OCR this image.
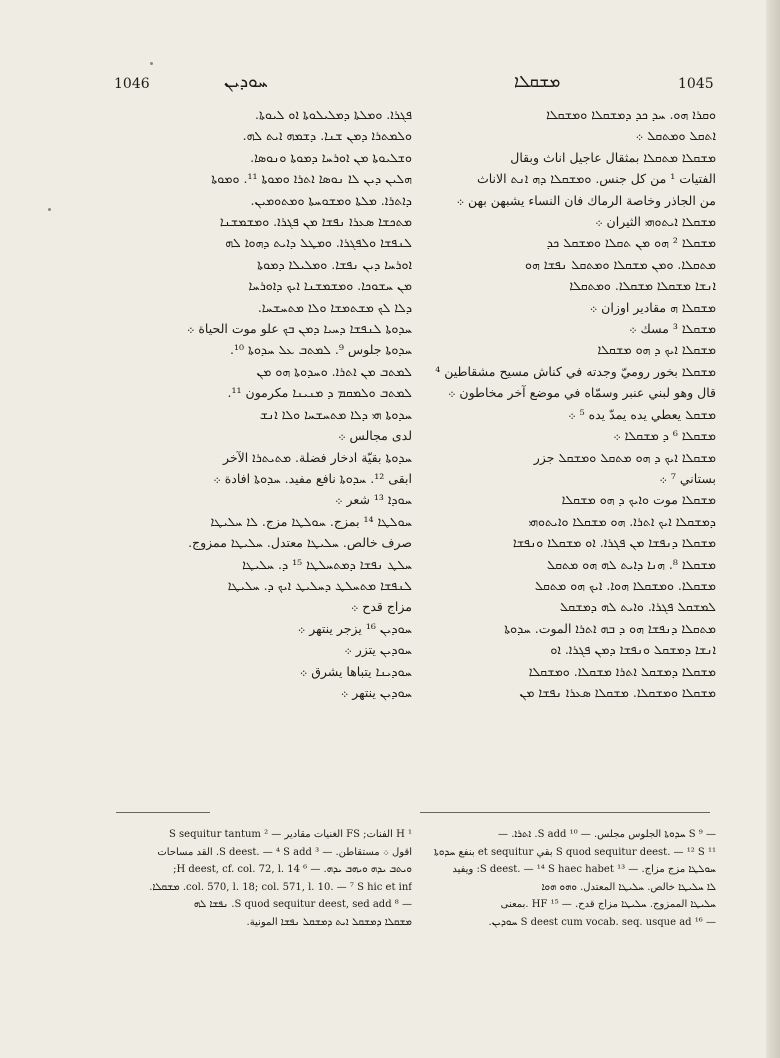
1046	ܚܘܕܝܢ	ܡܫܩܠܐ	1045
ܦܓܪܐ. ܘܡܠܬܐ ܕܡܠܝܠܘܬܐ ܐܘ ܠܝܘܬܐ.
ܘܠܡܬܪܐ ܕܡܢ ܫܢܐ. ܕܫܡܗ ܐܝܬ ܠܗ.
ܘܫܠܝܘܬܐ ܡܢ ܐܘܪܚܐ ܕܡܘܬܐ ܘܢܘܣܐ.
ܗܠܝܢ ܕܝܢ ܠܐ ܢܘܣܐ ܐܬܪܐ ܘܡܘܬܐ ¹¹. ܘܡܘܬܐ
ܕܐܬܪܐ. ܡܠܬܐ ܘܡܫܘܚܬܐ ܘܡܬܘܡܝܢ.
ܡܬܟܫܐ ܣܥܪܐ ܢܦܫܐ ܡܢ ܦܓܪܐ. ܘܡܫܡܫܢܐ
ܠܢܦܫܐ ܘܠܦܓܪܐ. ܘܡܛܠ ܕܐܝܬ ܕܗܘܐ ܠܗ
ܐܘܪܚܐ ܕܝܢ ܢܦܫܐ. ܘܡܠܝܠܐ ܕܡܘܬܐ
ܡܢ ܚܫܘܟܐ. ܘܡܫܡܫܢܐ ܐܝܟ ܕܐܘܪܚܐ
ܕܠܐ ܠܟ ܡܫܬܡܫܐ ܘܠܐ ܡܬܚܫܚܐ.
ܚܕܘܬܐ ܠܢܦܫܐ ܕܚܝܐ ܕܡܢ ܒܟ علو موت الحياة ܀
ܚܕܘܬܐ جلوس ⁹. ܠܡܬܒ ܥܠ ܚܕܘܬܐ ¹⁰.
ܠܡܬܒ ܡܢ ܐܬܪܐ. ܘܚܕܘܬܐ ܗܘ ܡܢ
ܠܡܬܒ ܘܠܡܩܡ ܕ ܡܢܝܢܐ مكرمون ¹¹.
ܚܕܘܬܐ ܗܝ ܕܠܐ ܡܬܚܫܚܐ ܘܠܐ ܐܢܫ
لدى مجالس ܀
ܚܕܘܬܐ بقيّة ادخار فضلة. ܡܬܝܬܪܐ الآخر
ابقى ¹². ܚܕܘܬܐ نافع مفيد. ܚܕܘܬܐ افادة ܀
ܚܘܕܐ ¹³ شعر ܀
ܚܘܠܛܐ ¹⁴ بمزج. ܚܘܠܛܐ مزج. ܠܐ ܚܠܝܛܐ
صرف خالص. ܚܠܝܛܐ معتدل. ܚܠܝܛܐ ممزوج.
ܚܠܛ ܢܦܫܐ ܕܡܬܚܠܛܐ ¹⁵ ܕ. ܚܠܝܛܐ
ܠܢܦܫܐ ܡܬܚܠܛ ܕܚܠܝܛ ܐܝܟ ܕ. ܚܠܝܛܐ
مزاج قدح ܀
ܚܘܕܝܢ ¹⁶ يزجر ينتهر ܀
ܚܘܕܝܢ يتزر ܀
ܚܘܕܝܢܐ يتباها يشرق ܀
ܚܘܕܝܢ ينتهر ܀
ܘܩܪܐ ܗܘ. ܚܕ ܟܕ ܕܡܫܩܠܐ ܘܡܫܩܠܐ
ܐܬܩܠ ܘܡܬܩܠ ܀
ܡܫܩܠܐ ܡܬܩܠܐ بمثقال عاجيل اناث وبقال
الفتيات ¹ من كل جنس. ܘܡܫܩܠܐ ܕܗ ܐܢܬ الاناث
من الجاذر وخاصة الرماك فان النساء يشبهن بهن ܀
ܡܫܩܠܐ ܐܝܬܘܗܝ الثيران ܀
ܡܫܩܠܐ ² ܗܘ ܡܢ ܬܩܠܐ ܘܡܫܩܠ ܟܕ
ܡܬܩܠܐ. ܘܡܢ ܡܫܩܠܐ ܘܡܬܩܠ ܢܦܫܐ ܗܘ
ܐܢܫܐ ܡܫܩܠܐ ܡܫܩܠܐ. ܘܡܬܩܠܐ
ܡܫܩܠܐ ܗ مقادير اوزان ܀
ܡܫܩܠܐ ³ مسك ܀
ܡܫܩܠܐ ܐܝܟ ܕ ܗܘ ܡܫܩܠܐ
ܡܫܩܠܐ بخور روميّ وجدته في كناش مسيح مشقاطين ⁴
قال وهو لبني عنبر وسمّاه في موضع آخر مخاطون ܀
ܡܫܩܠ يعطي يده يمدّ يده ⁵ ܀
ܡܫܩܠܐ ⁶ ܕ ܡܫܩܠܐ ܀
ܡܫܩܠܐ ܐܝܟ ܕ ܗܘ ܡܬܩܠ ܘܡܫܩܠ جزر
بستاني ⁷ ܀
ܡܫܩܠܐ موت ܘܐܝܟ ܕ ܗܘ ܡܫܩܠܐ
ܕܡܫܩܠܐ ܐܝܟ ܐܬܪܐ. ܗܘ ܡܫܩܠܐ ܘܐܝܬܘܗܝ
ܡܫܩܠܐ ܕܢܦܫܐ ܡܢ ܦܓܪܐ. ܐܘ ܡܫܩܠܐ ܘܢܦܫܐ
ܡܫܩܠܐ ⁸. ܗܢܐ ܕܐܝܬ ܠܗ ܗܘ ܡܬܩܠ
ܡܫܩܠܐ. ܘܡܫܩܠܐ ܗܘܐ. ܐܝܟ ܗܘ ܡܬܩܠ
ܠܡܫܩܠ ܦܓܪܐ. ܘܐܝܬ ܠܗ ܕܡܫܩܠ
ܡܬܩܠܐ ܕܢܦܫܐ ܗܘ ܕ ܒܗ ܐܬܪܐ الموت. ܚܕܘܬܐ
ܐܢܫܐ ܕܡܫܩܠ ܘܢܦܫܐ ܕܡܢ ܦܓܪܐ. ܐܘ
ܡܫܩܠܐ ܕܡܫܩܠ ܐܬܪܐ ܡܫܩܠܐ. ܘܡܫܩܠܐ
ܡܫܩܠܐ ܘܡܫܩܠܐ. ܡܫܩܠܐ ܣܥܪܐ ܢܦܫܐ ܡܢ
¹ H الفنات; FS الغنيات مقادير — ² S sequitur tantum
اقول ܀ مستقاطن. — ³ S deest. — ⁴ S add. القد مساحات
ܘܝܬܒ ܝܕܗ ܘܝܗܒ ܝܕܗ. — ⁶ H deest, cf. col. 72, l. 14;
col. 570, l. 18; col. 571, l. 10. — ⁷ S hic et inf. ܡܫܩܠܐ.
— ⁸ S quod sequitur deest, sed add. ܢܦܫܐ ܠܗ
ܡܫܩܠܐ ܕܡܫܩܠ ܐܝܬ ܕܡܫܩܠ ܢܦܫܐ المونية.
— ⁹ S ܚܕܘܬܐ الجلوس مجلس. — ¹⁰ S add. ܐܬܪܐ. —
¹¹ S quod sequitur deest. — ¹² S بقي et sequitur بنفع ܚܕܘܬܐ
ܚܘܠܛܐ مزج مزاج. — ¹³ S deest. — ¹⁴ S haec habet: ويفيد
ܠܐ ܚܠܝܛܐ خالص. ܚܠܝܛܐ المعتدل. ܘܗܘ ܗܘܐ
ܚܠܝܛܐ الممزوج. ܚܠܝܛܐ مزاج قدح. — ¹⁵ HF .بمعنى
— ¹⁶ S deest cum vocab. seq. usque ad ܚܘܕܝܢ.
